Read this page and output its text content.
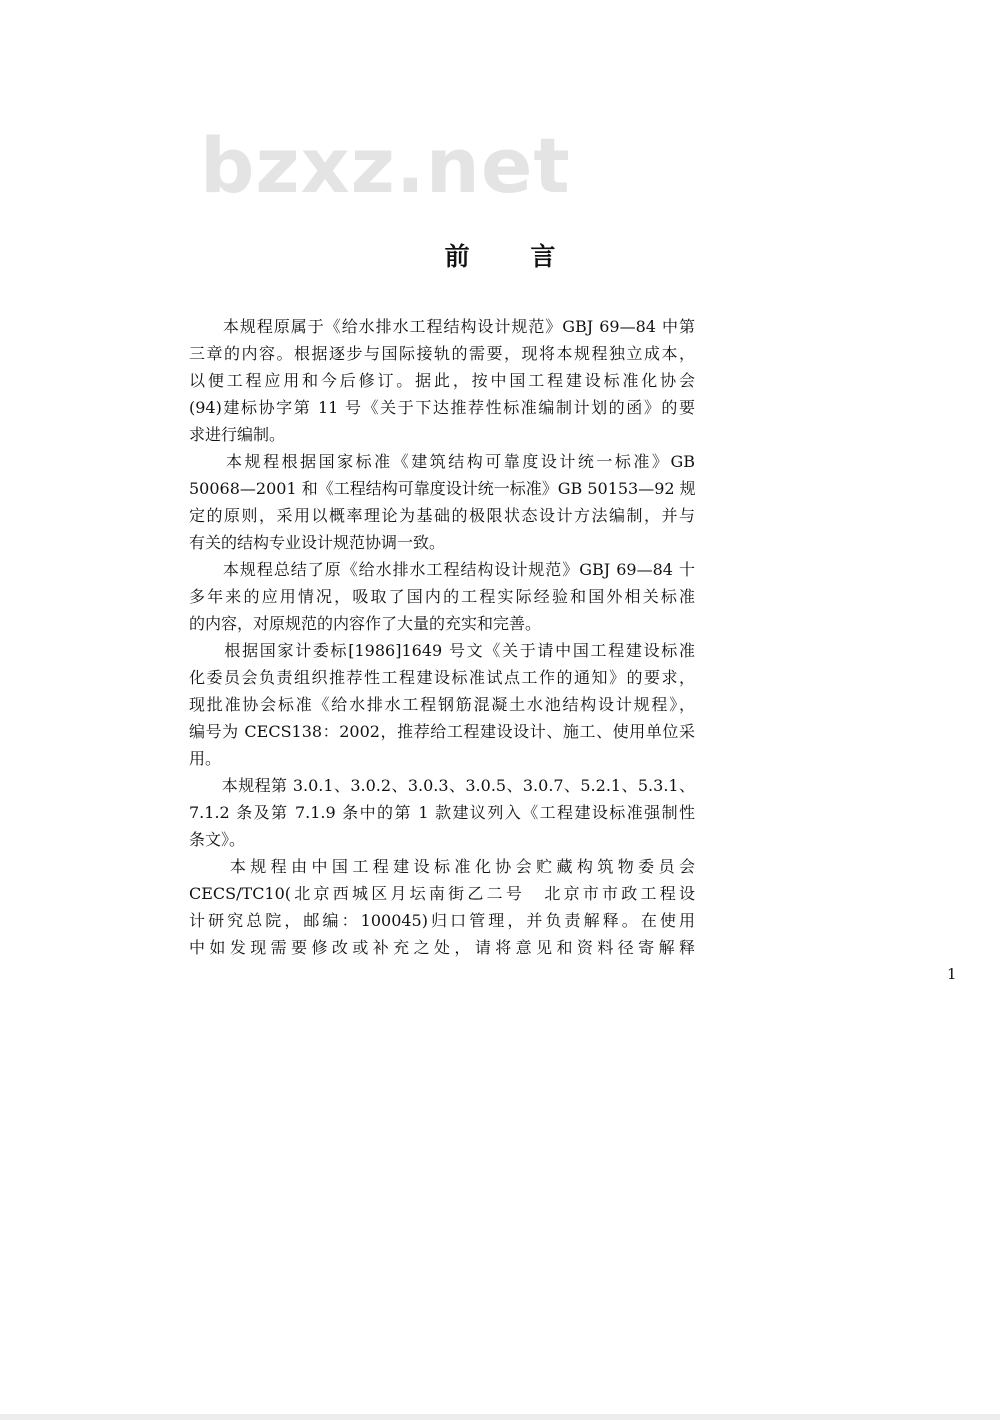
bzxz.net
前 言
　　本规程原属于《给水排水工程结构设计规范》GBJ 69—84 中第
三章的内容。根据逐步与国际接轨的需要，现将本规程独立成本，
以便工程应用和今后修订。据此，按中国工程建设标准化协会
(94)建标协字第 11 号《关于下达推荐性标准编制计划的函》的要
求进行编制。
　　本规程根据国家标准《建筑结构可靠度设计统一标准》GB
50068—2001 和《工程结构可靠度设计统一标准》GB 50153—92 规
定的原则，采用以概率理论为基础的极限状态设计方法编制，并与
有关的结构专业设计规范协调一致。
　　本规程总结了原《给水排水工程结构设计规范》GBJ 69—84 十
多年来的应用情况，吸取了国内的工程实际经验和国外相关标准
的内容，对原规范的内容作了大量的充实和完善。
　　根据国家计委标[1986]1649 号文《关于请中国工程建设标准
化委员会负责组织推荐性工程建设标准试点工作的通知》的要求，
现批准协会标准《给水排水工程钢筋混凝土水池结构设计规程》，
编号为 CECS138：2002，推荐给工程建设设计、施工、使用单位采
用。
　　本规程第 3.0.1、3.0.2、3.0.3、3.0.5、3.0.7、5.2.1、5.3.1、
7.1.2 条及第 7.1.9 条中的第 1 款建议列入《工程建设标准强制性
条文》。
　　本规程由中国工程建设标准化协会贮藏构筑物委员会
CECS/TC10(北京西城区月坛南街乙二号　北京市市政工程设
计研究总院，邮编：100045)归口管理，并负责解释。在使用
中如发现需要修改或补充之处，请将意见和资料径寄解释
1
